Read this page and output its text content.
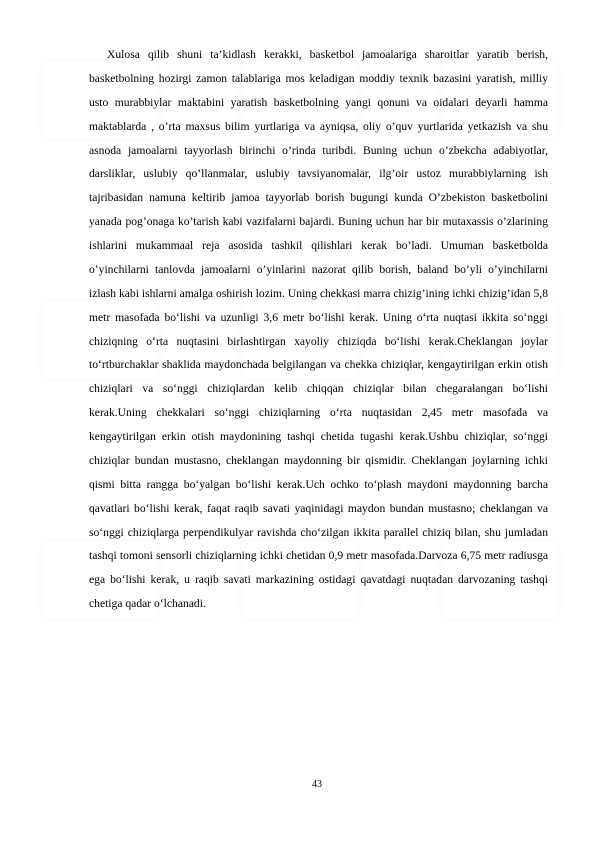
Xulosa qilib shuni ta’kidlash kerakki, basketbol jamoalariga sharoitlar yaratib berish, basketbolning hozirgi zamon talablariga mos keladigan moddiy texnik bazasini yaratish, milliy usto murabbiylar maktabini yaratish basketbolning yangi qonuni va oidalari deyarli hamma maktablarda , o’rta maxsus bilim yurtlariga va ayniqsa, oliy o’quv yurtlarida yetkazish va shu asnoda jamoalarni tayyorlash birinchi o’rinda turibdi. Buning uchun o’zbekcha adabiyotlar, darsliklar, uslubiy qo’llanmalar, uslubiy tavsiyanomalar, ilg’oir ustoz murabbiylarning ish tajribasidan namuna keltirib jamoa tayyorlab borish bugungi kunda O’zbekiston basketbolini yanada pog’onaga ko’tarish kabi vazifalarni bajardi. Buning uchun har bir mutaxassis o’zlarining ishlarini mukammaal reja asosida tashkil qilishlari kerak bo’ladi. Umuman basketbolda o’yinchilarni tanlovda jamoalarni o’yinlarini nazorat qilib borish, baland bo’yli o’yinchilarni izlash kabi ishlarni amalga oshirish lozim. Uning chekkasi marra chizig’ining ichki chizig’idan 5,8 metr masofada bo‘lishi va uzunligi 3,6 metr bo‘lishi kerak. Uning o‘rta nuqtasi ikkita so‘nggi chiziqning o‘rta nuqtasini birlashtirgan xayoliy chiziqda bo‘lishi kerak.Cheklangan joylar to‘rtburchaklar shaklida maydonchada belgilangan va chekka chiziqlar, kengaytirilgan erkin otish chiziqlari va so‘nggi chiziqlardan kelib chiqqan chiziqlar bilan chegaralangan bo‘lishi kerak.Uning chekkalari so‘nggi chiziqlarning o‘rta nuqtasidan 2,45 metr masofada va kengaytirilgan erkin otish maydonining tashqi chetida tugashi kerak.Ushbu chiziqlar, so‘nggi chiziqlar bundan mustasno, cheklangan maydonning bir qismidir. Cheklangan joylarning ichki qismi bitta rangga bo‘yalgan bo‘lishi kerak.Uch ochko to‘plash maydoni maydonning barcha qavatlari bo‘lishi kerak, faqat raqib savati yaqinidagi maydon bundan mustasno; cheklangan va so‘nggi chiziqlarga perpendikulyar ravishda cho‘zilgan ikkita parallel chiziq bilan, shu jumladan tashqi tomoni sensorli chiziqlarning ichki chetidan 0,9 metr masofada.Darvoza 6,75 metr radiusga ega bo‘lishi kerak, u raqib savati markazining ostidagi qavatdagi nuqtadan darvozaning tashqi chetiga qadar o‘lchanadi.

43
